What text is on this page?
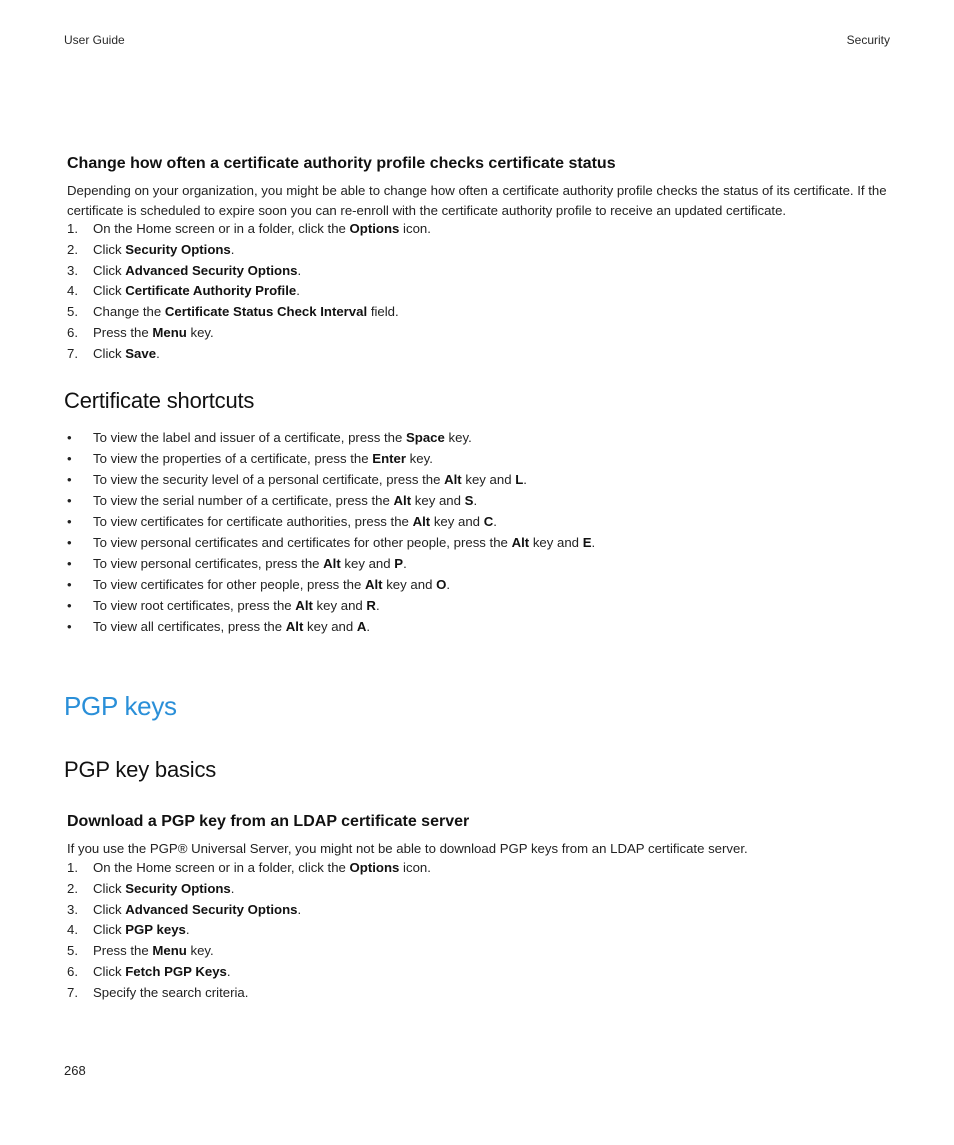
User Guide	Security
Change how often a certificate authority profile checks certificate status

Depending on your organization, you might be able to change how often a certificate authority profile checks the status of its certificate. If the certificate is scheduled to expire soon you can re-enroll with the certificate authority profile to receive an updated certificate.

1. On the Home screen or in a folder, click the Options icon.
2. Click Security Options.
3. Click Advanced Security Options.
4. Click Certificate Authority Profile.
5. Change the Certificate Status Check Interval field.
6. Press the Menu key.
7. Click Save.
Certificate shortcuts
• To view the label and issuer of a certificate, press the Space key.
• To view the properties of a certificate, press the Enter key.
• To view the security level of a personal certificate, press the Alt key and L.
• To view the serial number of a certificate, press the Alt key and S.
• To view certificates for certificate authorities, press the Alt key and C.
• To view personal certificates and certificates for other people, press the Alt key and E.
• To view personal certificates, press the Alt key and P.
• To view certificates for other people, press the Alt key and O.
• To view root certificates, press the Alt key and R.
• To view all certificates, press the Alt key and A.
PGP keys
PGP key basics
Download a PGP key from an LDAP certificate server

If you use the PGP® Universal Server, you might not be able to download PGP keys from an LDAP certificate server.

1. On the Home screen or in a folder, click the Options icon.
2. Click Security Options.
3. Click Advanced Security Options.
4. Click PGP keys.
5. Press the Menu key.
6. Click Fetch PGP Keys.
7. Specify the search criteria.
268
